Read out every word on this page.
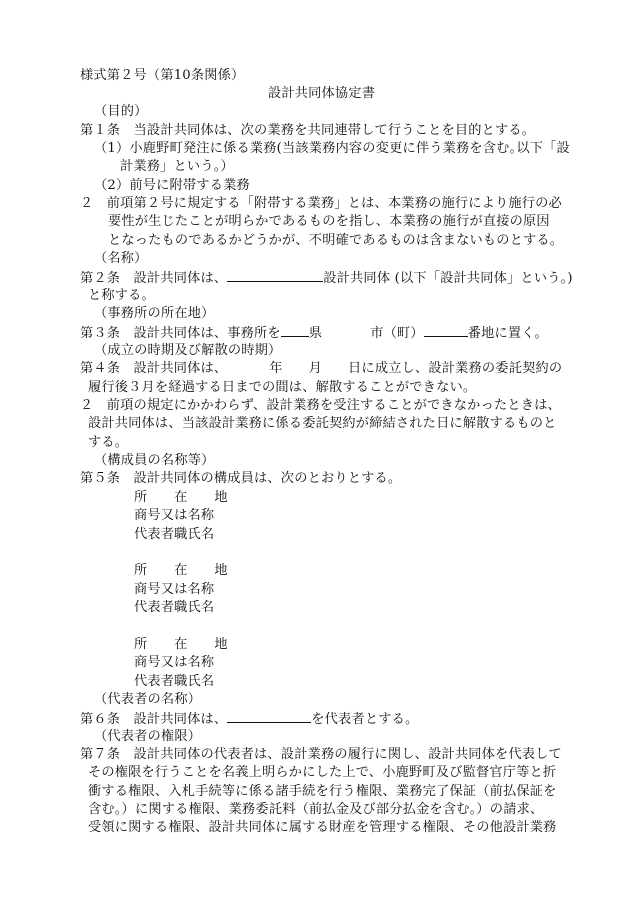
様式第２号（第10条関係）
設計共同体協定書
（目的）
第１条　当設計共同体は、次の業務を共同連帯して行うことを目的とする。
（1）小鹿野町発注に係る業務(当該業務内容の変更に伴う業務を含む｡以下「設
計業務」という。）
（2）前号に附帯する業務
２　前項第２号に規定する「附帯する業務」とは、本業務の施行により施行の必
要性が生じたことが明らかであるものを指し、本業務の施行が直接の原因
となったものであるかどうかが、不明確であるものは含まないものとする。
（名称）
第２条　設計共同体は、	設計共同体 (以下「設計共同体」という。)
と称する。
（事務所の所在地）
第３条　設計共同体は、事務所を 県	市（町）	番地に置く。
（成立の時期及び解散の時期）
第４条　設計共同体は、	年 月 日に成立し、設計業務の委託契約の
履行後３月を経過する日までの間は、解散することができない。
２　前項の規定にかかわらず、設計業務を受注することができなかったときは、
設計共同体は、当該設計業務に係る委託契約が締結された日に解散するものと
する。
（構成員の名称等）
第５条　設計共同体の構成員は、次のとおりとする。
所　　在　　地
商号又は名称
代表者職氏名
所　　在　　地
商号又は名称
代表者職氏名
所　　在　　地
商号又は名称
代表者職氏名
（代表者の名称）
第６条　設計共同体は、	を代表者とする。
（代表者の権限）
第７条　設計共同体の代表者は、設計業務の履行に関し、設計共同体を代表して
その権限を行うことを名義上明らかにした上で、小鹿野町及び監督官庁等と折
衝する権限、入札手続等に係る諸手続を行う権限、業務完了保証（前払保証を
含む。）に関する権限、業務委託料（前払金及び部分払金を含む。）の請求、
受領に関する権限、設計共同体に属する財産を管理する権限、その他設計業務
